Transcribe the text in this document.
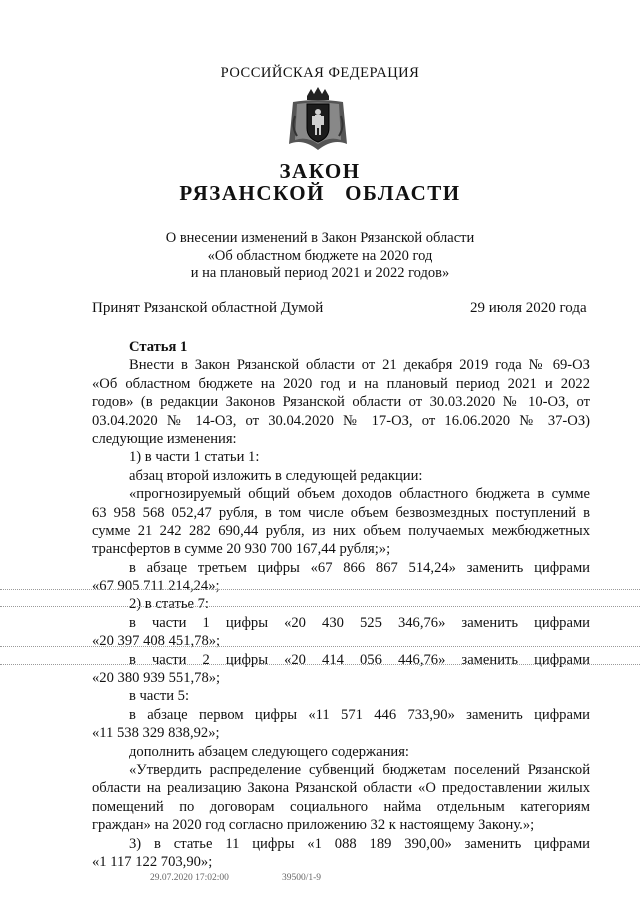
РОССИЙСКАЯ ФЕДЕРАЦИЯ
ЗАКОН
РЯЗАНСКОЙ   ОБЛАСТИ
О внесении изменений в Закон Рязанской области
«Об областном бюджете на 2020 год
и на плановый период 2021 и 2022 годов»
Принят Рязанской областной Думой	29 июля 2020 года
Статья 1
Внести в Закон Рязанской области от 21 декабря 2019 года № 69-ОЗ
«Об областном бюджете на 2020 год и на плановый период 2021 и 2022
годов» (в редакции Законов Рязанской области от 30.03.2020 № 10-ОЗ, от
03.04.2020 № 14-ОЗ, от 30.04.2020 № 17-ОЗ, от 16.06.2020 № 37-ОЗ)
следующие изменения:
1) в части 1 статьи 1:
абзац второй изложить в следующей редакции:
«прогнозируемый общий объем доходов областного бюджета в сумме
63 958 568 052,47 рубля, в том числе объем безвозмездных поступлений в
сумме 21 242 282 690,44 рубля, из них объем получаемых межбюджетных
трансфертов в сумме 20 930 700 167,44 рубля;»;
в абзаце третьем цифры «67 866 867 514,24» заменить цифрами
«67 905 711 214,24»;
2) в статье 7:
в части 1 цифры «20 430 525 346,76» заменить цифрами
«20 397 408 451,78»;
в части 2 цифры «20 414 056 446,76» заменить цифрами
«20 380 939 551,78»;
в части 5:
в абзаце первом цифры «11 571 446 733,90» заменить цифрами
«11 538 329 838,92»;
дополнить абзацем следующего содержания:
«Утвердить распределение субвенций бюджетам поселений Рязанской
области на реализацию Закона Рязанской области «О предоставлении жилых
помещений по договорам социального найма отдельным категориям
граждан» на 2020 год согласно приложению 32 к настоящему Закону.»;
3) в статье 11 цифры «1 088 189 390,00» заменить цифрами
«1 117 122 703,90»;
29.07.2020 17:02:00	39500/1-9
